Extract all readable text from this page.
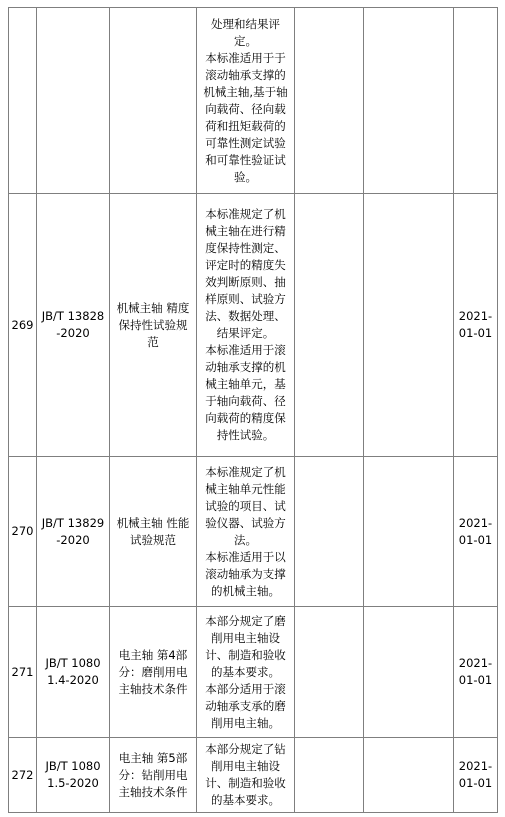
			处理和结果评定。

本标准适用于于滚动轴承支撑的机械主轴,基于轴向载荷、径向载荷和扭矩载荷的可靠性测定试验和可靠性验证试验。			

269	JB/T 13828-2020	机械主轴 精度保持性试验规范	本标准规定了机械主轴在进行精度保持性测定、评定时的精度失效判断原则、抽样原则、试验方法、数据处理、结果评定。

本标准适用于滚动轴承支撑的机械主轴单元，基于轴向载荷、径向载荷的精度保持性试验。			2021-01-01
270	JB/T 13829-2020	机械主轴 性能试验规范	本标准规定了机械主轴单元性能试验的项目、试验仪器、试验方法。

本标准适用于以滚动轴承为支撑的机械主轴。			2021-01-01
271	JB/T 10801.4-2020	电主轴 第4部分：磨削用电主轴技术条件	本部分规定了磨削用电主轴设计、制造和验收的基本要求。

本部分适用于滚动轴承支承的磨削用电主轴。			2021-01-01
272	JB/T 10801.5-2020	电主轴 第5部分：钻削用电主轴技术条件	本部分规定了钻削用电主轴设计、制造和验收的基本要求。			2021-01-01
